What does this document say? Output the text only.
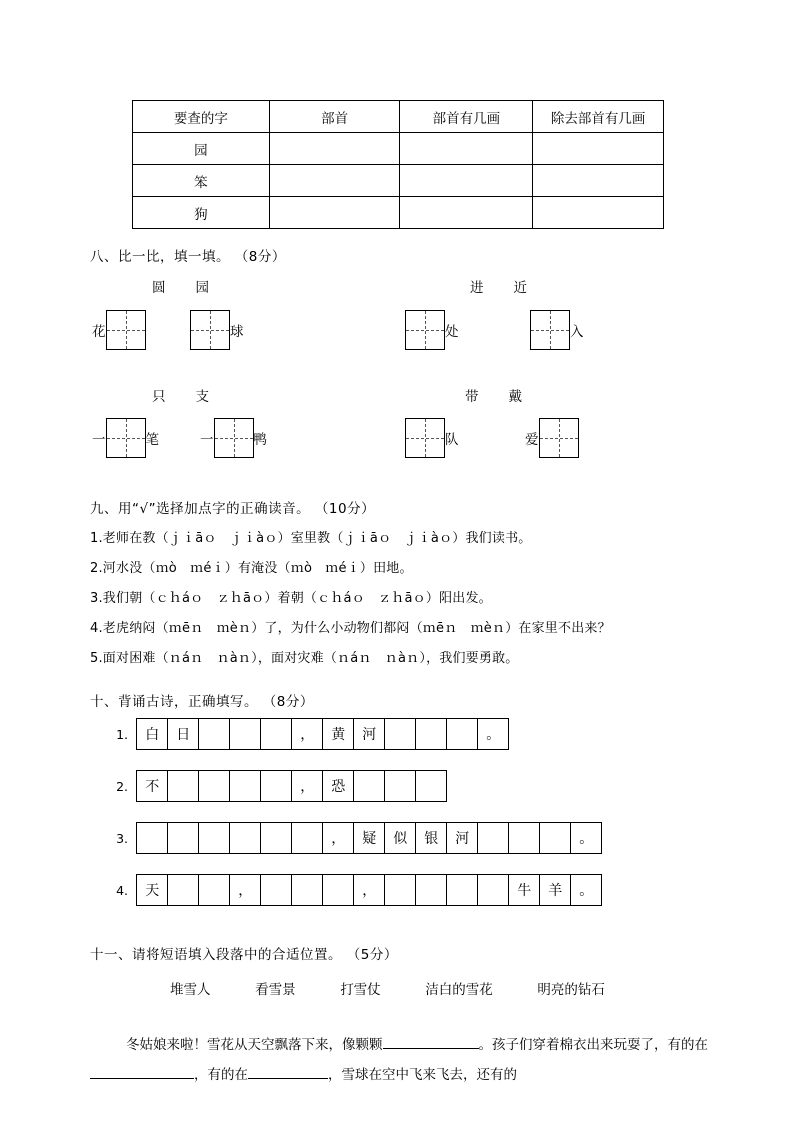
要查的字	部首	部首有几画	除去部首有几画
园			
笨			
狗			
八、比一比，填一填。 （8分）
圆　　园	进　　近
花	球	处	入
只　　支	带　　戴
一	笔	一	鸭	队	爱
九、用“√”选择加点字的正确读音。 （10分）
1.老师在教（ｊｉāｏ　ｊｉàｏ）室里教（ｊｉāｏ　ｊｉàｏ）我们读书。
2.河水没（ｍò　ｍéｉ）有淹没（ｍò　ｍéｉ）田地。
3.我们朝（ｃｈáｏ　ｚｈāｏ）着朝（ｃｈáｏ　ｚｈāｏ）阳出发。
4.老虎纳闷（ｍēｎ　ｍèｎ）了，为什么小动物们都闷（ｍēｎ　ｍèｎ）在家里不出来？
5.面对困难（ｎáｎ　ｎàｎ），面对灾难（ｎáｎ　ｎàｎ），我们要勇敢。
十、背诵古诗，正确填写。 （8分）
1. 白	日				，	黄	河				。
2. 不					，	恐			
3.							，	疑	似	银	河				。
4. 天			，				，					牛	羊	。
十一、请将短语填入段落中的合适位置。 （5分）
堆雪人	看雪景	打雪仗	洁白的雪花	明亮的钻石
冬姑娘来啦！雪花从天空飘落下来，像颗颗	。孩子们穿着棉衣出来玩耍了，有的在，有的在	，雪球在空中飞来飞去，还有的
